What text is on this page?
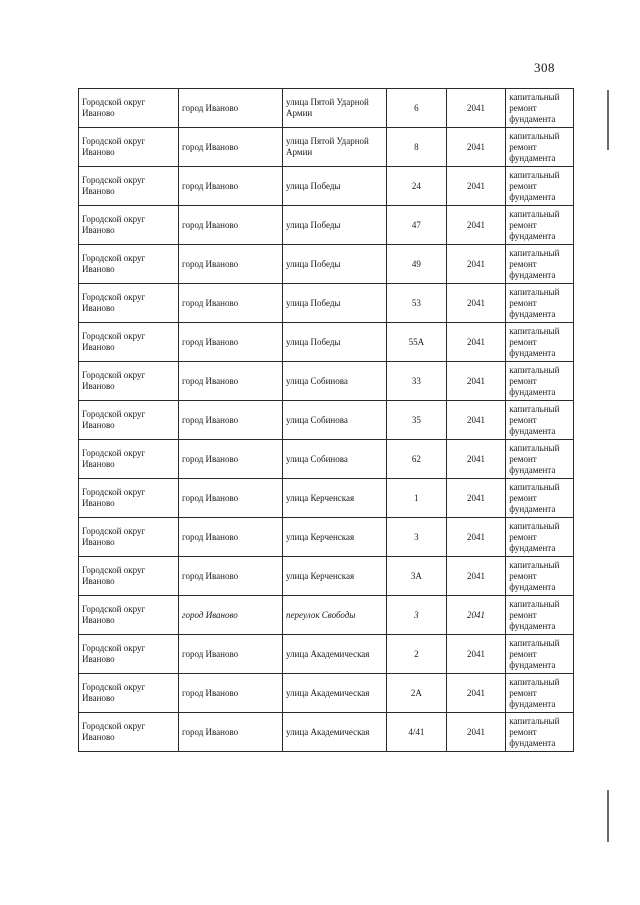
308
Городской округ Иваново	город Иваново	улица Пятой Ударной Армии	6	2041	капитальный ремонт фундамента
Городской округ Иваново	город Иваново	улица Пятой Ударной Армии	8	2041	капитальный ремонт фундамента
Городской округ Иваново	город Иваново	улица Победы	24	2041	капитальный ремонт фундамента
Городской округ Иваново	город Иваново	улица Победы	47	2041	капитальный ремонт фундамента
Городской округ Иваново	город Иваново	улица Победы	49	2041	капитальный ремонт фундамента
Городской округ Иваново	город Иваново	улица Победы	53	2041	капитальный ремонт фундамента
Городской округ Иваново	город Иваново	улица Победы	55А	2041	капитальный ремонт фундамента
Городской округ Иваново	город Иваново	улица Собинова	33	2041	капитальный ремонт фундамента
Городской округ Иваново	город Иваново	улица Собинова	35	2041	капитальный ремонт фундамента
Городской округ Иваново	город Иваново	улица Собинова	62	2041	капитальный ремонт фундамента
Городской округ Иваново	город Иваново	улица Керченская	1	2041	капитальный ремонт фундамента
Городской округ Иваново	город Иваново	улица Керченская	3	2041	капитальный ремонт фундамента
Городской округ Иваново	город Иваново	улица Керченская	3А	2041	капитальный ремонт фундамента
Городской округ Иваново	город Иваново	переулок Свободы	3	2041	капитальный ремонт фундамента
Городской округ Иваново	город Иваново	улица Академическая	2	2041	капитальный ремонт фундамента
Городской округ Иваново	город Иваново	улица Академическая	2А	2041	капитальный ремонт фундамента
Городской округ Иваново	город Иваново	улица Академическая	4/41	2041	капитальный ремонт фундамента
